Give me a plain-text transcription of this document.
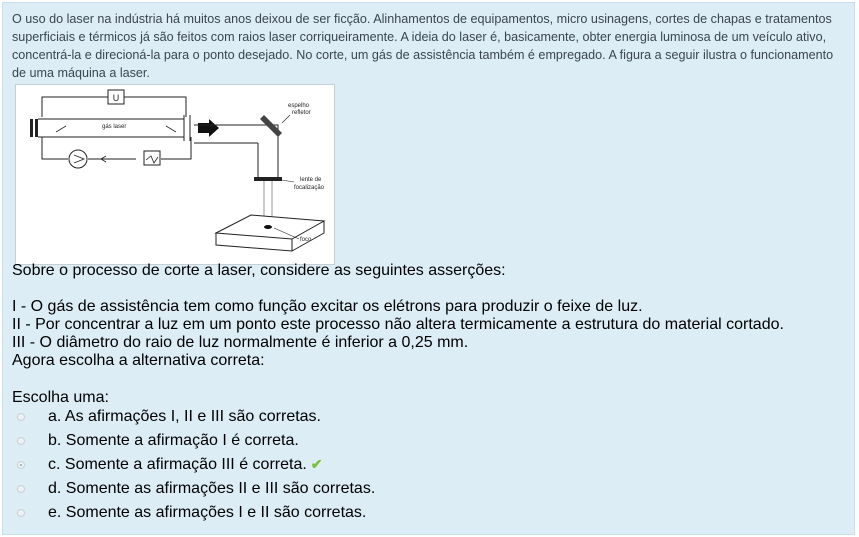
O uso do laser na indústria há muitos anos deixou de ser ficção. Alinhamentos de equipamentos, micro usinagens, cortes de chapas e tratamentos superficiais e térmicos já são feitos com raios laser corriqueiramente. A ideia do laser é, basicamente, obter energia luminosa de um veículo ativo, concentrá-la e direcioná-la para o ponto desejado. No corte, um gás de assistência também é empregado. A figura a seguir ilustra o funcionamento de uma máquina a laser.

U
gás laser
espelho
refletor
lente de
focalização
foco

Sobre o processo de corte a laser, considere as seguintes asserções:

I - O gás de assistência tem como função excitar os elétrons para produzir o feixe de luz.
II - Por concentrar a luz em um ponto este processo não altera termicamente a estrutura do material cortado.
III - O diâmetro do raio de luz normalmente é inferior a 0,25 mm.
Agora escolha a alternativa correta:

Escolha uma:

a. As afirmações I, II e III são corretas.
b. Somente a afirmação I é correta.
c. Somente a afirmação III é correta. ✔
d. Somente as afirmações II e III são corretas.
e. Somente as afirmações I e II são corretas.
